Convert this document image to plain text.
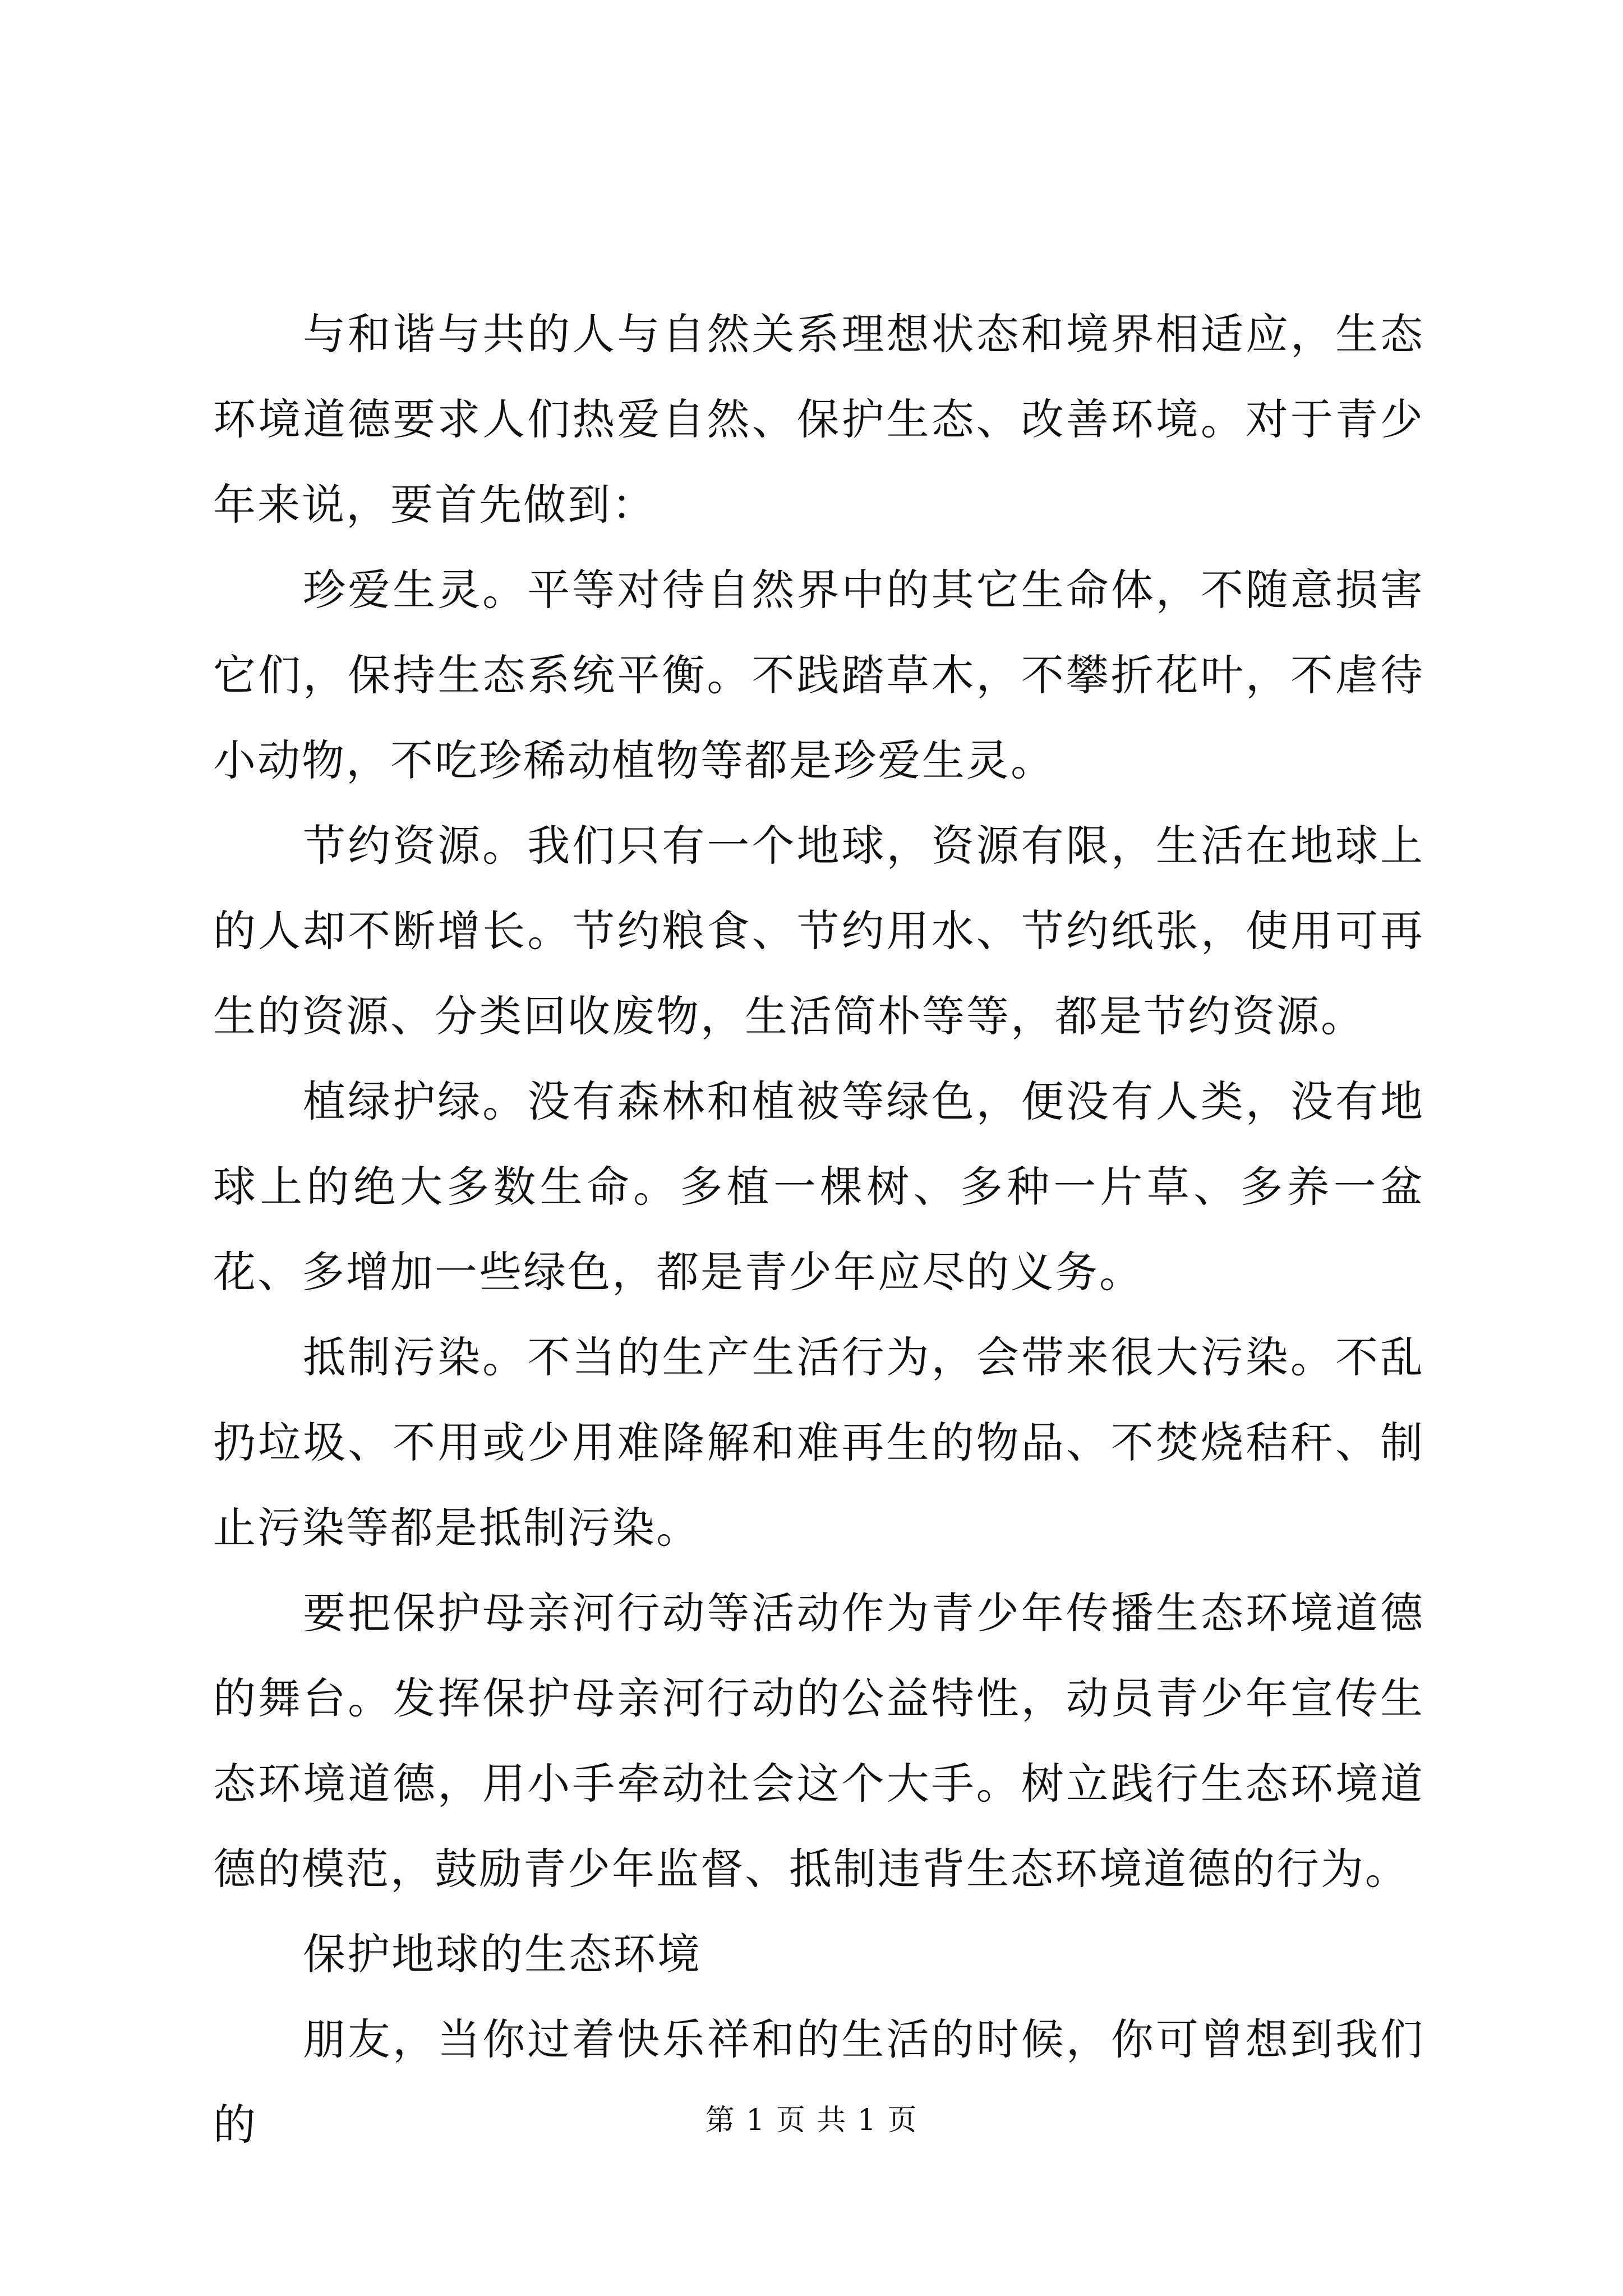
与和谐与共的人与自然关系理想状态和境界相适应，生态环境道德要求人们热爱自然、保护生态、改善环境。对于青少年来说，要首先做到：

珍爱生灵。平等对待自然界中的其它生命体，不随意损害它们，保持生态系统平衡。不践踏草木，不攀折花叶，不虐待小动物，不吃珍稀动植物等都是珍爱生灵。

节约资源。我们只有一个地球，资源有限，生活在地球上的人却不断增长。节约粮食、节约用水、节约纸张，使用可再生的资源、分类回收废物，生活简朴等等，都是节约资源。

植绿护绿。没有森林和植被等绿色，便没有人类，没有地球上的绝大多数生命。多植一棵树、多种一片草、多养一盆花、多增加一些绿色，都是青少年应尽的义务。

抵制污染。不当的生产生活行为，会带来很大污染。不乱扔垃圾、不用或少用难降解和难再生的物品、不焚烧秸秆、制止污染等都是抵制污染。

要把保护母亲河行动等活动作为青少年传播生态环境道德的舞台。发挥保护母亲河行动的公益特性，动员青少年宣传生态环境道德，用小手牵动社会这个大手。树立践行生态环境道德的模范，鼓励青少年监督、抵制违背生态环境道德的行为。

保护地球的生态环境

朋友，当你过着快乐祥和的生活的时候，你可曾想到我们的	第 1 页 共 1 页
